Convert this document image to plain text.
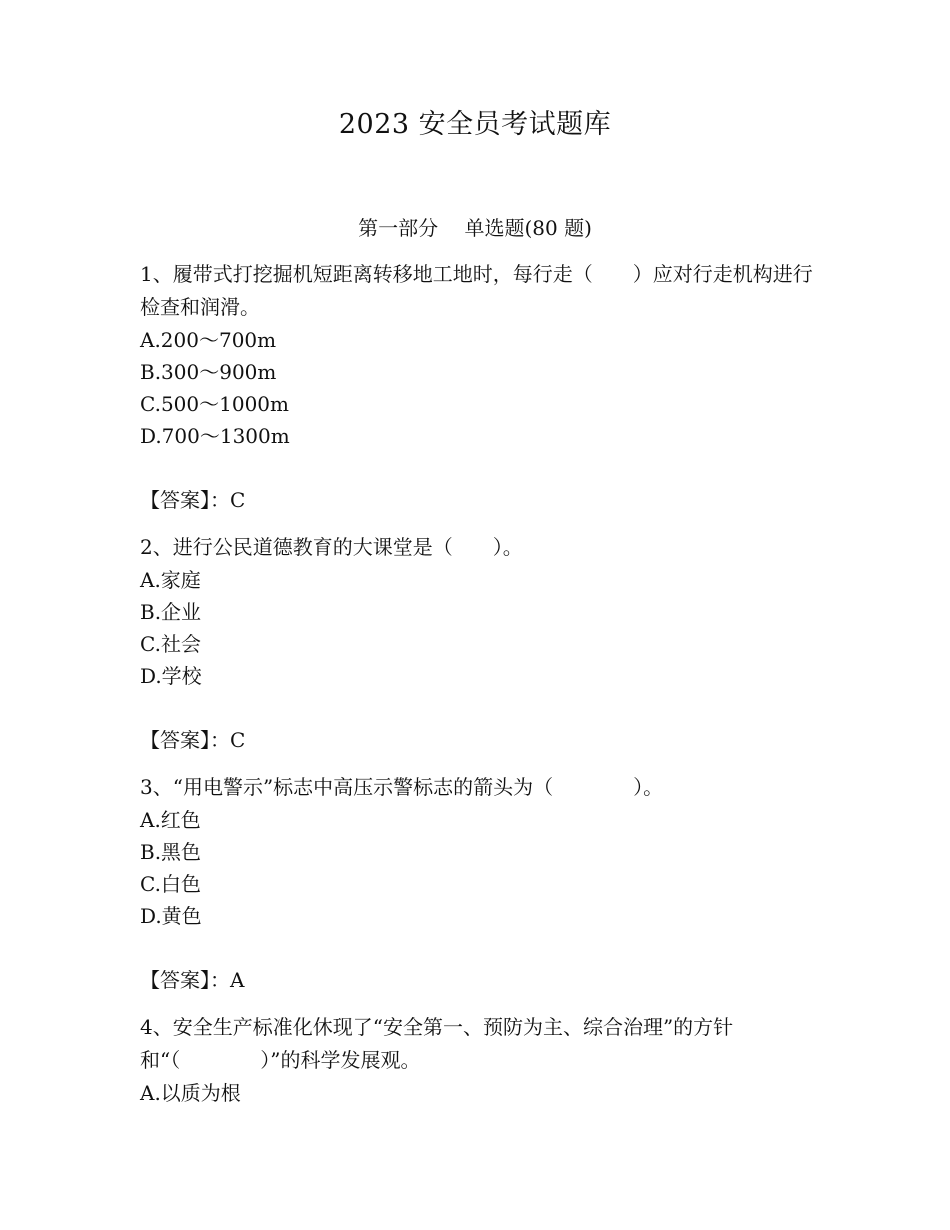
2023 安全员考试题库
第一部分　 单选题(80 题)

1、履带式打挖掘机短距离转移地工地时，每行走（　　）应对行走机构进行检查和润滑。

A.200～700m

B.300～900m

C.500～1000m

D.700～1300m

【答案】：C

2、进行公民道德教育的大课堂是（　　）。

A.家庭

B.企业

C.社会

D.学校

【答案】：C

3、“用电警示”标志中高压示警标志的箭头为（　　　　）。

A.红色

B.黑色

C.白色

D.黄色

【答案】：A

4、安全生产标准化休现了“安全第一、预防为主、综合治理”的方针和“（　　　　）”的科学发展观。

A.以质为根
